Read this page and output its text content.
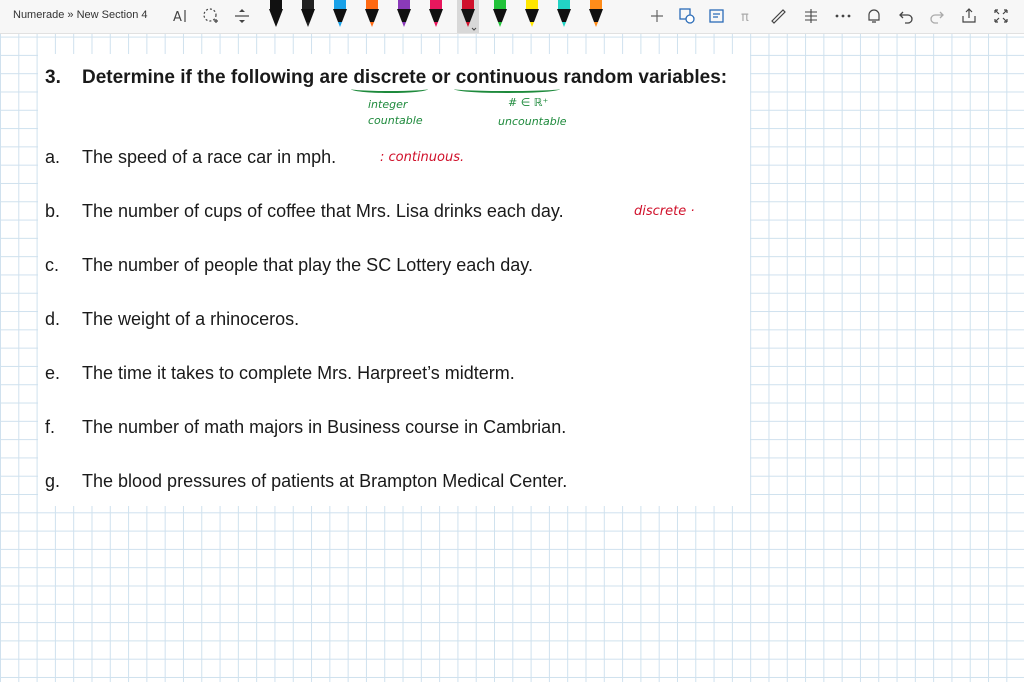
Numerade » New Section 4 A	π
3. Determine if the following are discrete or continuous random variables:
integer
countable
# ∈ ℝ⁺
uncountable
a. The speed of a race car in mph.	: continuous.
b. The number of cups of coffee that Mrs. Lisa drinks each day.	discrete ·
c. The number of people that play the SC Lottery each day.
d. The weight of a rhinoceros.
e. The time it takes to complete Mrs. Harpreet’s midterm.
f. The number of math majors in Business course in Cambrian.
g. The blood pressures of patients at Brampton Medical Center.
